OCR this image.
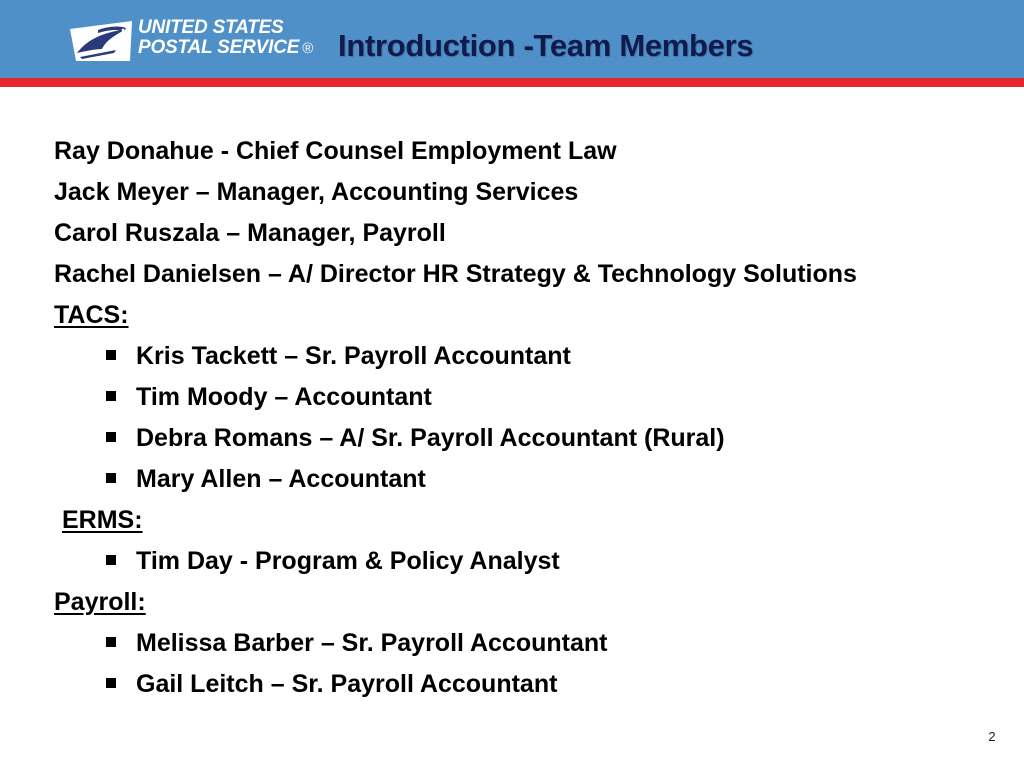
UNITED STATES
POSTAL SERVICE ® Introduction -Team Members
Ray Donahue - Chief Counsel Employment Law
Jack Meyer – Manager, Accounting Services
Carol Ruszala – Manager, Payroll
Rachel Danielsen – A/ Director HR Strategy & Technology Solutions
TACS:
Kris Tackett – Sr. Payroll Accountant
Tim Moody – Accountant
Debra Romans – A/ Sr. Payroll Accountant (Rural)
Mary Allen – Accountant
ERMS:
Tim Day - Program & Policy Analyst
Payroll:
Melissa Barber – Sr. Payroll Accountant
Gail Leitch – Sr. Payroll Accountant
2
